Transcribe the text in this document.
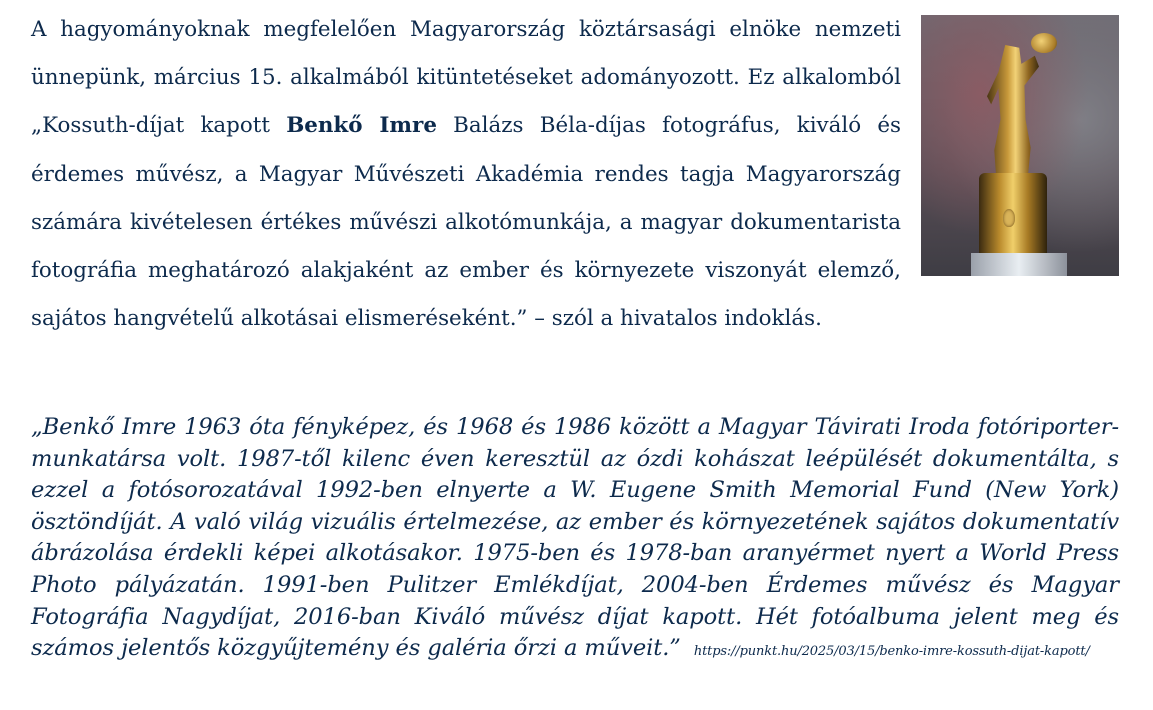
A hagyományoknak megfelelően Magyarország köztársasági elnöke nemzeti ünnepünk, március 15. alkalmából kitüntetéseket adományozott. Ez alkalomból „Kossuth-díjat kapott Benkő Imre Balázs Béla-díjas fotográfus, kiváló és érdemes művész, a Magyar Művészeti Akadémia rendes tagja Magyarország számára kivételesen értékes művészi alkotómunkája, a magyar dokumentarista fotográfia meghatározó alakjaként az ember és környezete viszonyát elemző, sajátos hangvételű alkotásai elismeréseként.” – szól a hivatalos indoklás.

„Benkő Imre 1963 óta fényképez, és 1968 és 1986 között a Magyar Távirati Iroda fotóriporter-munkatársa volt. 1987-től kilenc éven keresztül az ózdi kohászat leépülését dokumentálta, s ezzel a fotósorozatával 1992-ben elnyerte a W. Eugene Smith Memorial Fund (New York) ösztöndíját. A való világ vizuális értelmezése, az ember és környezetének sajátos dokumentatív ábrázolása érdekli képei alkotásakor. 1975-ben és 1978-ban aranyérmet nyert a World Press Photo pályázatán. 1991-ben Pulitzer Emlékdíjat, 2004-ben Érdemes művész és Magyar Fotográfia Nagydíjat, 2016-ban Kiváló művész díjat kapott. Hét fotóalbuma jelent meg és számos jelentős közgyűjtemény és galéria őrzi a műveit.” https://punkt.hu/2025/03/15/benko-imre-kossuth-dijat-kapott/
